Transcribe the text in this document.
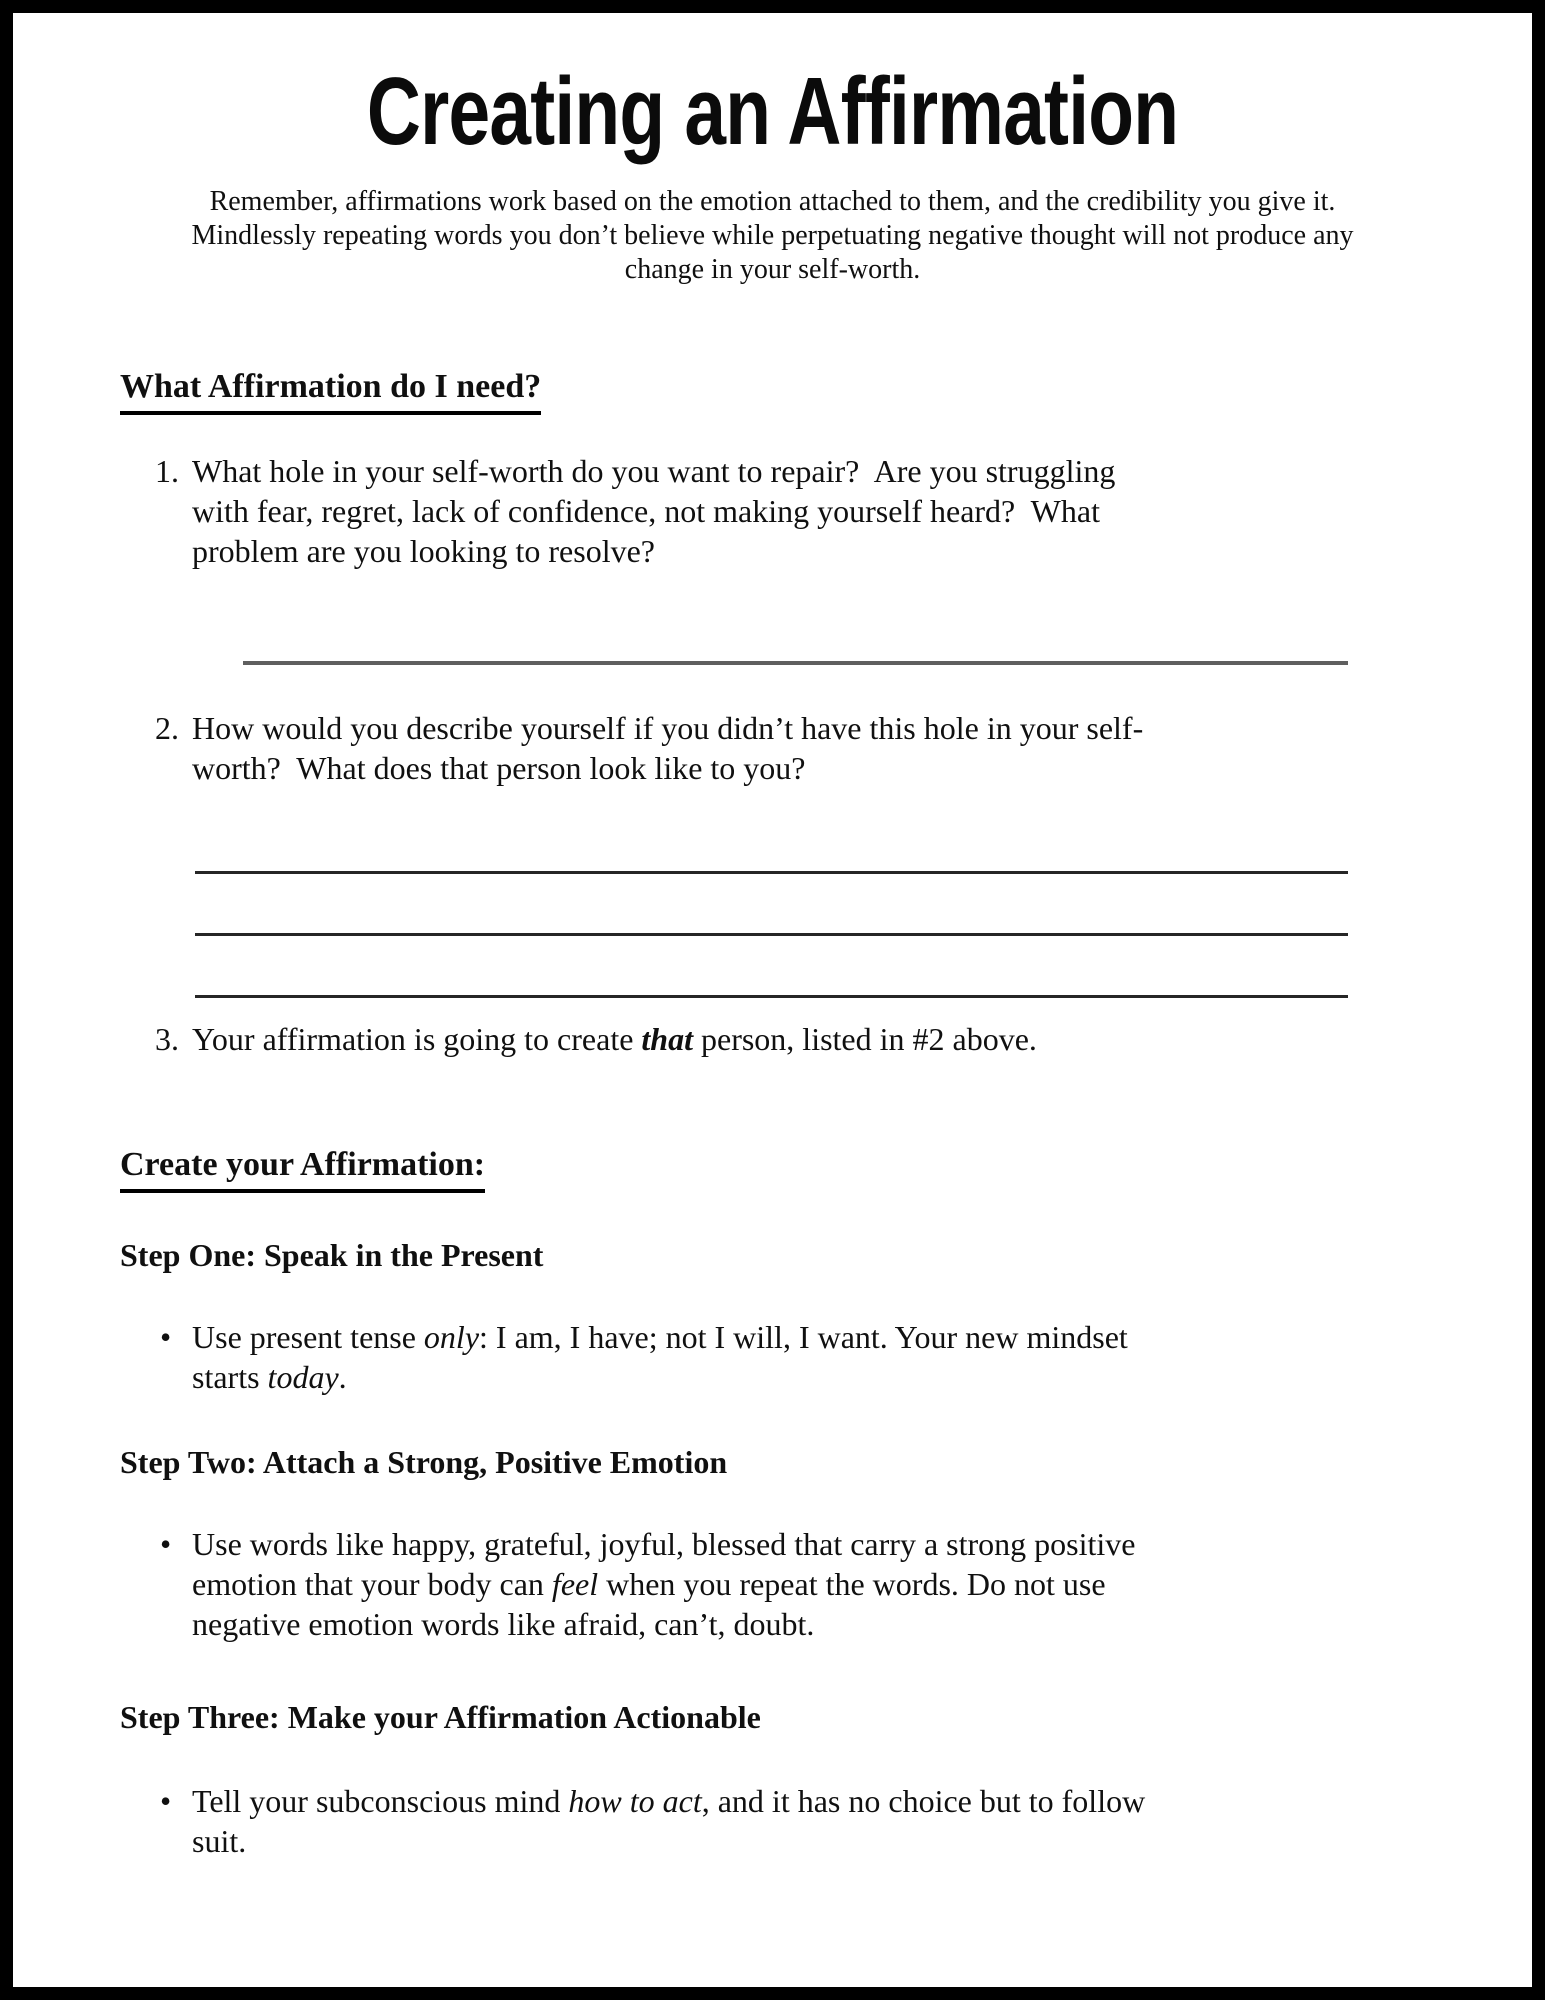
Creating an Affirmation
Remember, affirmations work based on the emotion attached to them, and the credibility you give it.
Mindlessly repeating words you don’t believe while perpetuating negative thought will not produce any
change in your self-worth.
What Affirmation do I need?
1. What hole in your self-worth do you want to repair?  Are you struggling
with fear, regret, lack of confidence, not making yourself heard?  What
problem are you looking to resolve?
2. How would you describe yourself if you didn’t have this hole in your self-
worth?  What does that person look like to you?
3. Your affirmation is going to create that person, listed in #2 above.
Create your Affirmation:
Step One: Speak in the Present
• Use present tense only: I am, I have; not I will, I want. Your new mindset
starts today.
Step Two: Attach a Strong, Positive Emotion
• Use words like happy, grateful, joyful, blessed that carry a strong positive
emotion that your body can feel when you repeat the words. Do not use
negative emotion words like afraid, can’t, doubt.
Step Three: Make your Affirmation Actionable
• Tell your subconscious mind how to act, and it has no choice but to follow
suit.
